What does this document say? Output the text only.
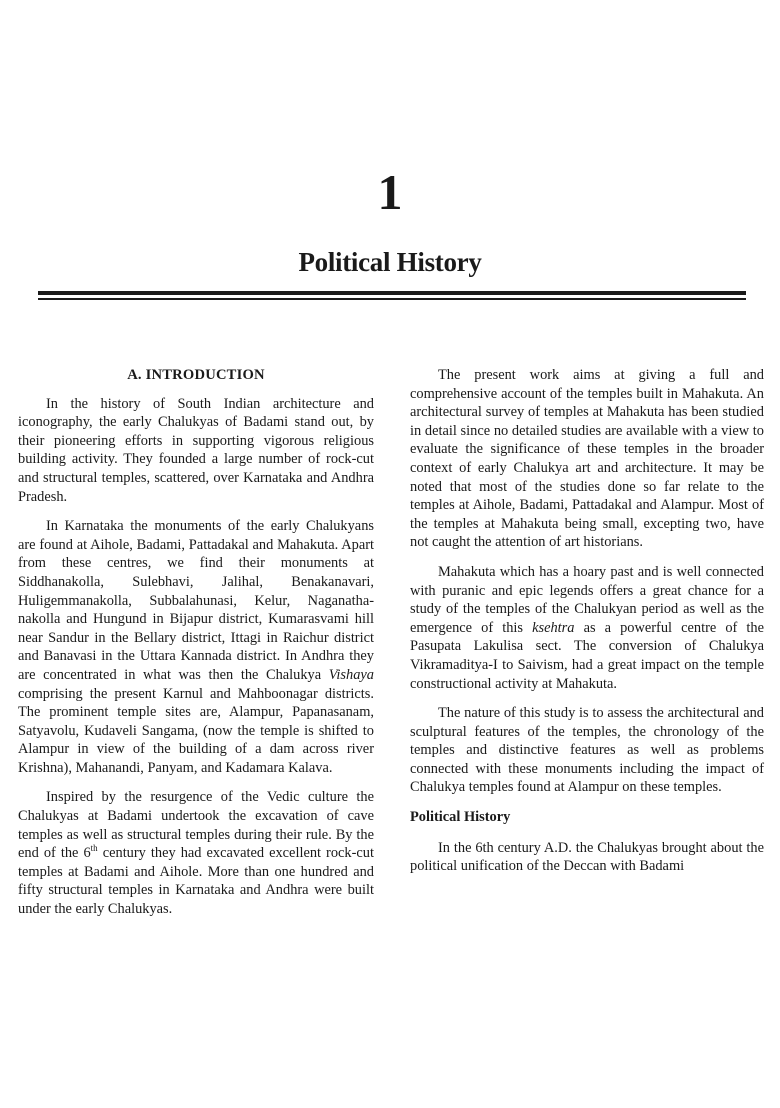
1
Political History
A. INTRODUCTION

In the history of South Indian architecture and iconography, the early Chalukyas of Badami stand out, by their pioneering efforts in supporting vigorous religious building activity. They founded a large number of rock-cut and structural temples, scattered, over Karnataka and Andhra Pradesh.

In Karnataka the monuments of the early Chalukyans are found at Aihole, Badami, Pattadakal and Mahakuta. Apart from these centres, we find their monuments at Siddhanakolla, Sulebhavi, Jalihal, Benakanavari, Huligemmanakolla, Subbalahunasi, Kelur, Naganatha-nakolla and Hungund in Bijapur district, Kumarasvami hill near Sandur in the Bellary district, Ittagi in Raichur district and Banavasi in the Uttara Kannada district. In Andhra they are concentrated in what was then the Chalukya Vishaya comprising the present Karnul and Mahboonagar districts. The prominent temple sites are, Alampur, Papanasanam, Satyavolu, Kudaveli Sangama, (now the temple is shifted to Alampur in view of the building of a dam across river Krishna), Mahanandi, Panyam, and Kadamara Kalava.

Inspired by the resurgence of the Vedic culture the Chalukyas at Badami undertook the excavation of cave temples as well as structural temples during their rule. By the end of the 6th century they had excavated excellent rock-cut temples at Badami and Aihole. More than one hundred and fifty structural temples in Karnataka and Andhra were built under the early Chalukyas.

The present work aims at giving a full and comprehensive account of the temples built in Mahakuta. An architectural survey of temples at Mahakuta has been studied in detail since no detailed studies are available with a view to evaluate the significance of these temples in the broader context of early Chalukya art and architecture. It may be noted that most of the studies done so far relate to the temples at Aihole, Badami, Pattadakal and Alampur. Most of the temples at Mahakuta being small, excepting two, have not caught the attention of art historians.

Mahakuta which has a hoary past and is well connected with puranic and epic legends offers a great chance for a study of the temples of the Chalukyan period as well as the emergence of this ksehtra as a powerful centre of the Pasupata Lakulisa sect. The conversion of Chalukya Vikramaditya-I to Saivism, had a great impact on the temple constructional activity at Mahakuta.

The nature of this study is to assess the architectural and sculptural features of the temples, the chronology of the temples and distinctive features as well as problems connected with these monuments including the impact of Chalukya temples found at Alampur on these temples.

Political History

In the 6th century A.D. the Chalukyas brought about the political unification of the Deccan with Badami
